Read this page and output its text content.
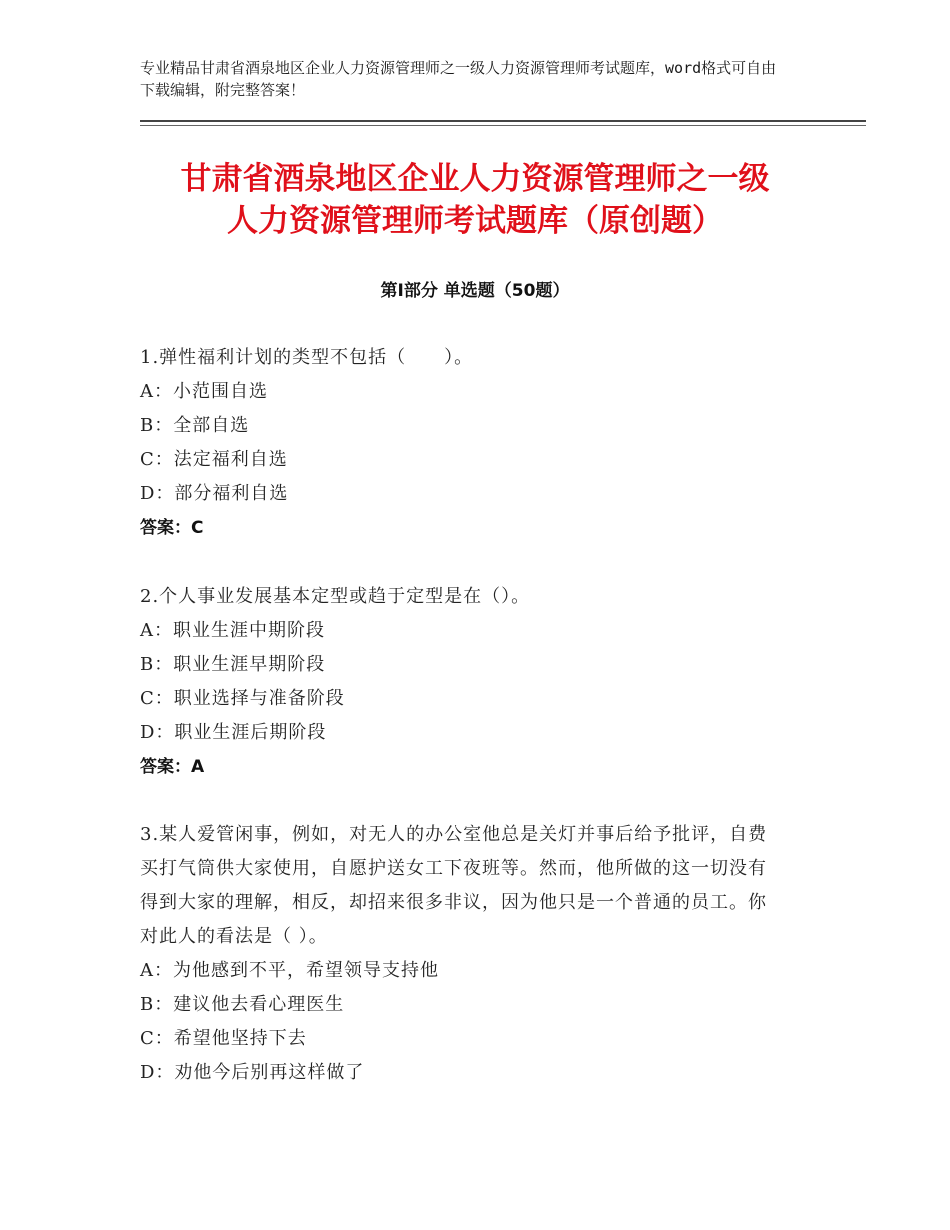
专业精品甘肃省酒泉地区企业人力资源管理师之一级人力资源管理师考试题库，word格式可自由下载编辑，附完整答案！
甘肃省酒泉地区企业人力资源管理师之一级
人力资源管理师考试题库（原创题）
第Ⅰ部分 单选题（50题）
1.弹性福利计划的类型不包括（　　）。
A：小范围自选
B：全部自选
C：法定福利自选
D：部分福利自选
答案：C
2.个人事业发展基本定型或趋于定型是在（）。
A：职业生涯中期阶段
B：职业生涯早期阶段
C：职业选择与准备阶段
D：职业生涯后期阶段
答案：A
3.某人爱管闲事，例如，对无人的办公室他总是关灯并事后给予批评，自费买打气筒供大家使用，自愿护送女工下夜班等。然而，他所做的这一切没有得到大家的理解，相反，却招来很多非议，因为他只是一个普通的员工。你对此人的看法是（ ）。
A：为他感到不平，希望领导支持他
B：建议他去看心理医生
C：希望他坚持下去
D：劝他今后别再这样做了
